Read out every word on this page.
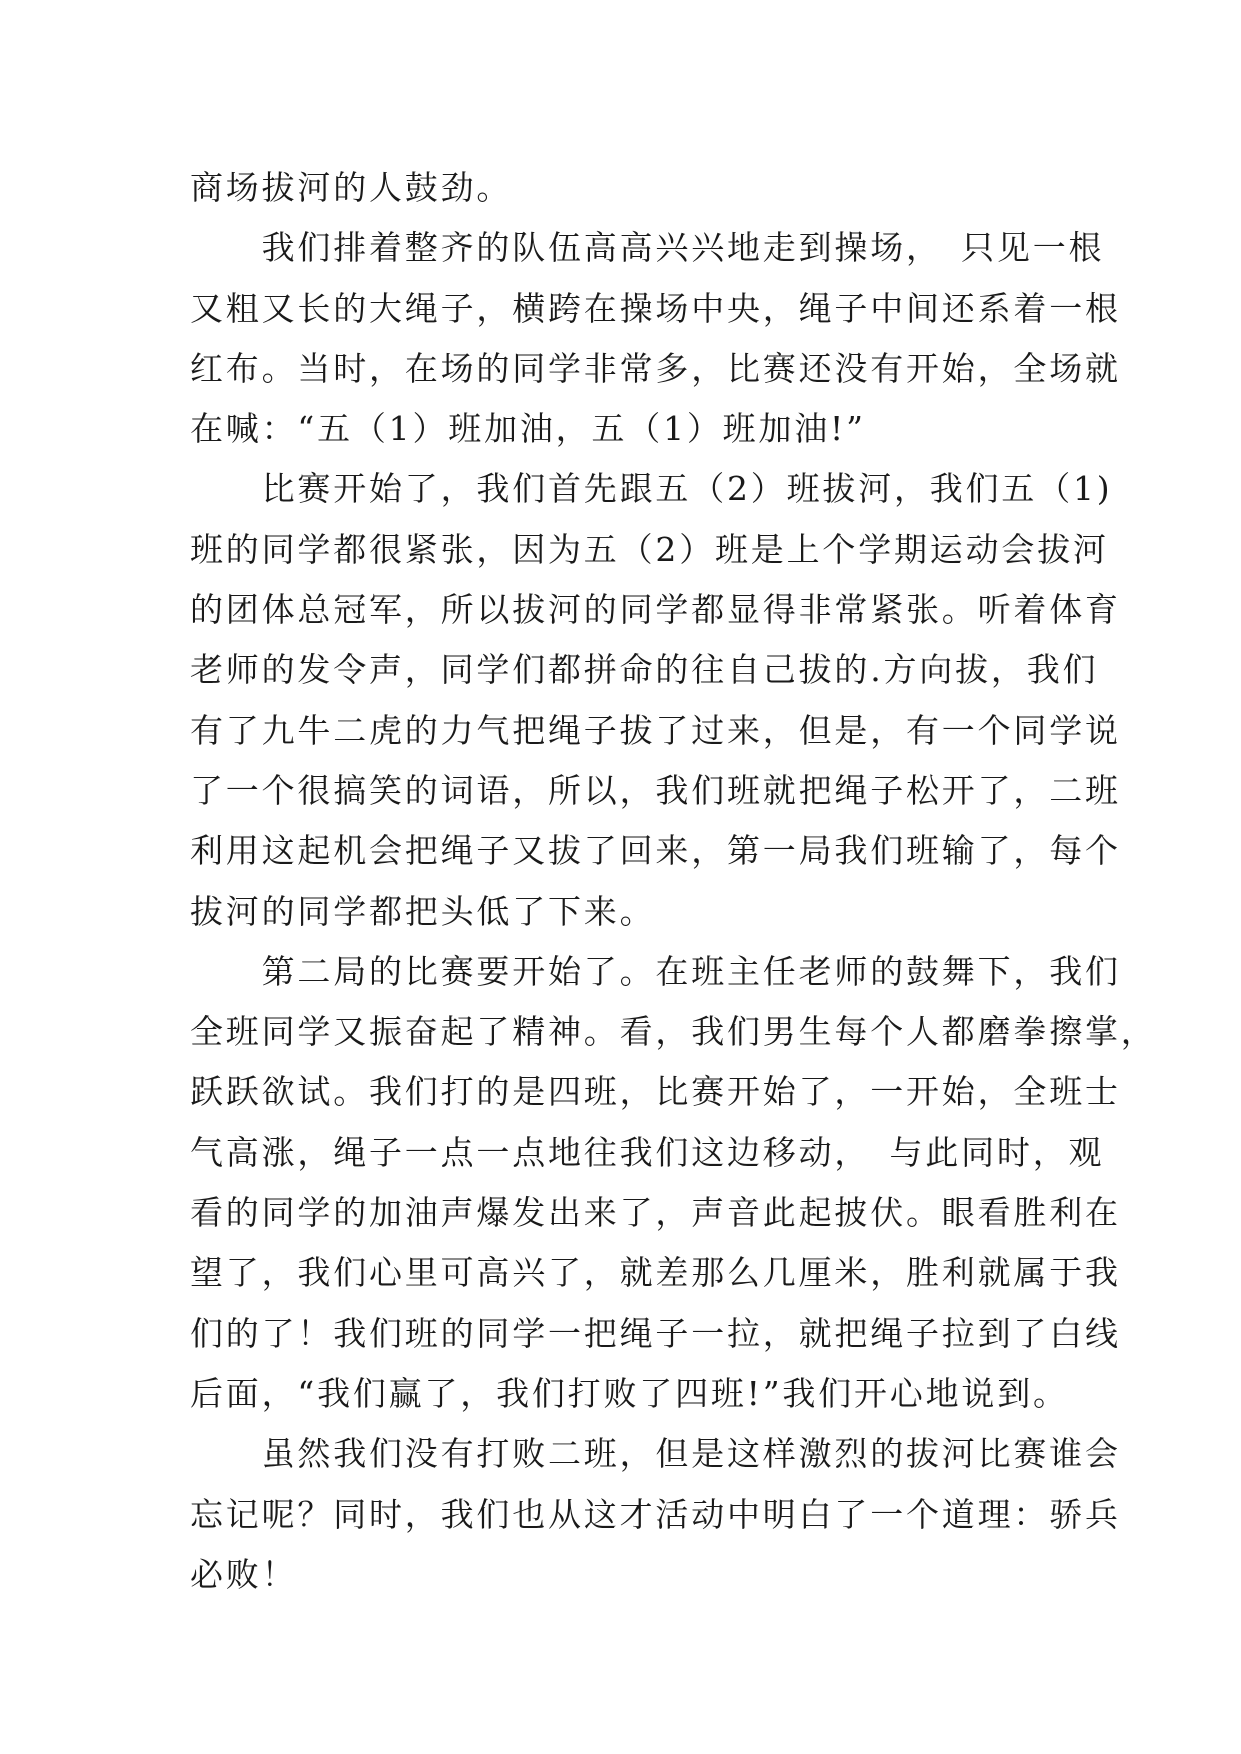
商场拔河的人鼓劲。
　　我们排着整齐的队伍高高兴兴地走到操场，　只见一根
又粗又长的大绳子，横跨在操场中央，绳子中间还系着一根
红布。当时，在场的同学非常多，比赛还没有开始，全场就
在喊：“五（1）班加油，五（1）班加油!”
　　比赛开始了，我们首先跟五（2）班拔河，我们五（1)
班的同学都很紧张，因为五（2）班是上个学期运动会拔河
的团体总冠军，所以拔河的同学都显得非常紧张。听着体育
老师的发令声，同学们都拼命的往自己拔的.方向拔，我们
有了九牛二虎的力气把绳子拔了过来，但是，有一个同学说
了一个很搞笑的词语，所以，我们班就把绳子松开了，二班
利用这起机会把绳子又拔了回来，第一局我们班输了，每个
拔河的同学都把头低了下来。
　　第二局的比赛要开始了。在班主任老师的鼓舞下，我们
全班同学又振奋起了精神。看，我们男生每个人都磨拳擦掌，
跃跃欲试。我们打的是四班，比赛开始了，一开始，全班士
气高涨，绳子一点一点地往我们这边移动，　与此同时，观
看的同学的加油声爆发出来了，声音此起披伏。眼看胜利在
望了，我们心里可高兴了，就差那么几厘米，胜利就属于我
们的了！我们班的同学一把绳子一拉，就把绳子拉到了白线
后面，“我们赢了，我们打败了四班!”我们开心地说到。
　　虽然我们没有打败二班，但是这样激烈的拔河比赛谁会
忘记呢？同时，我们也从这才活动中明白了一个道理：骄兵
必败！
